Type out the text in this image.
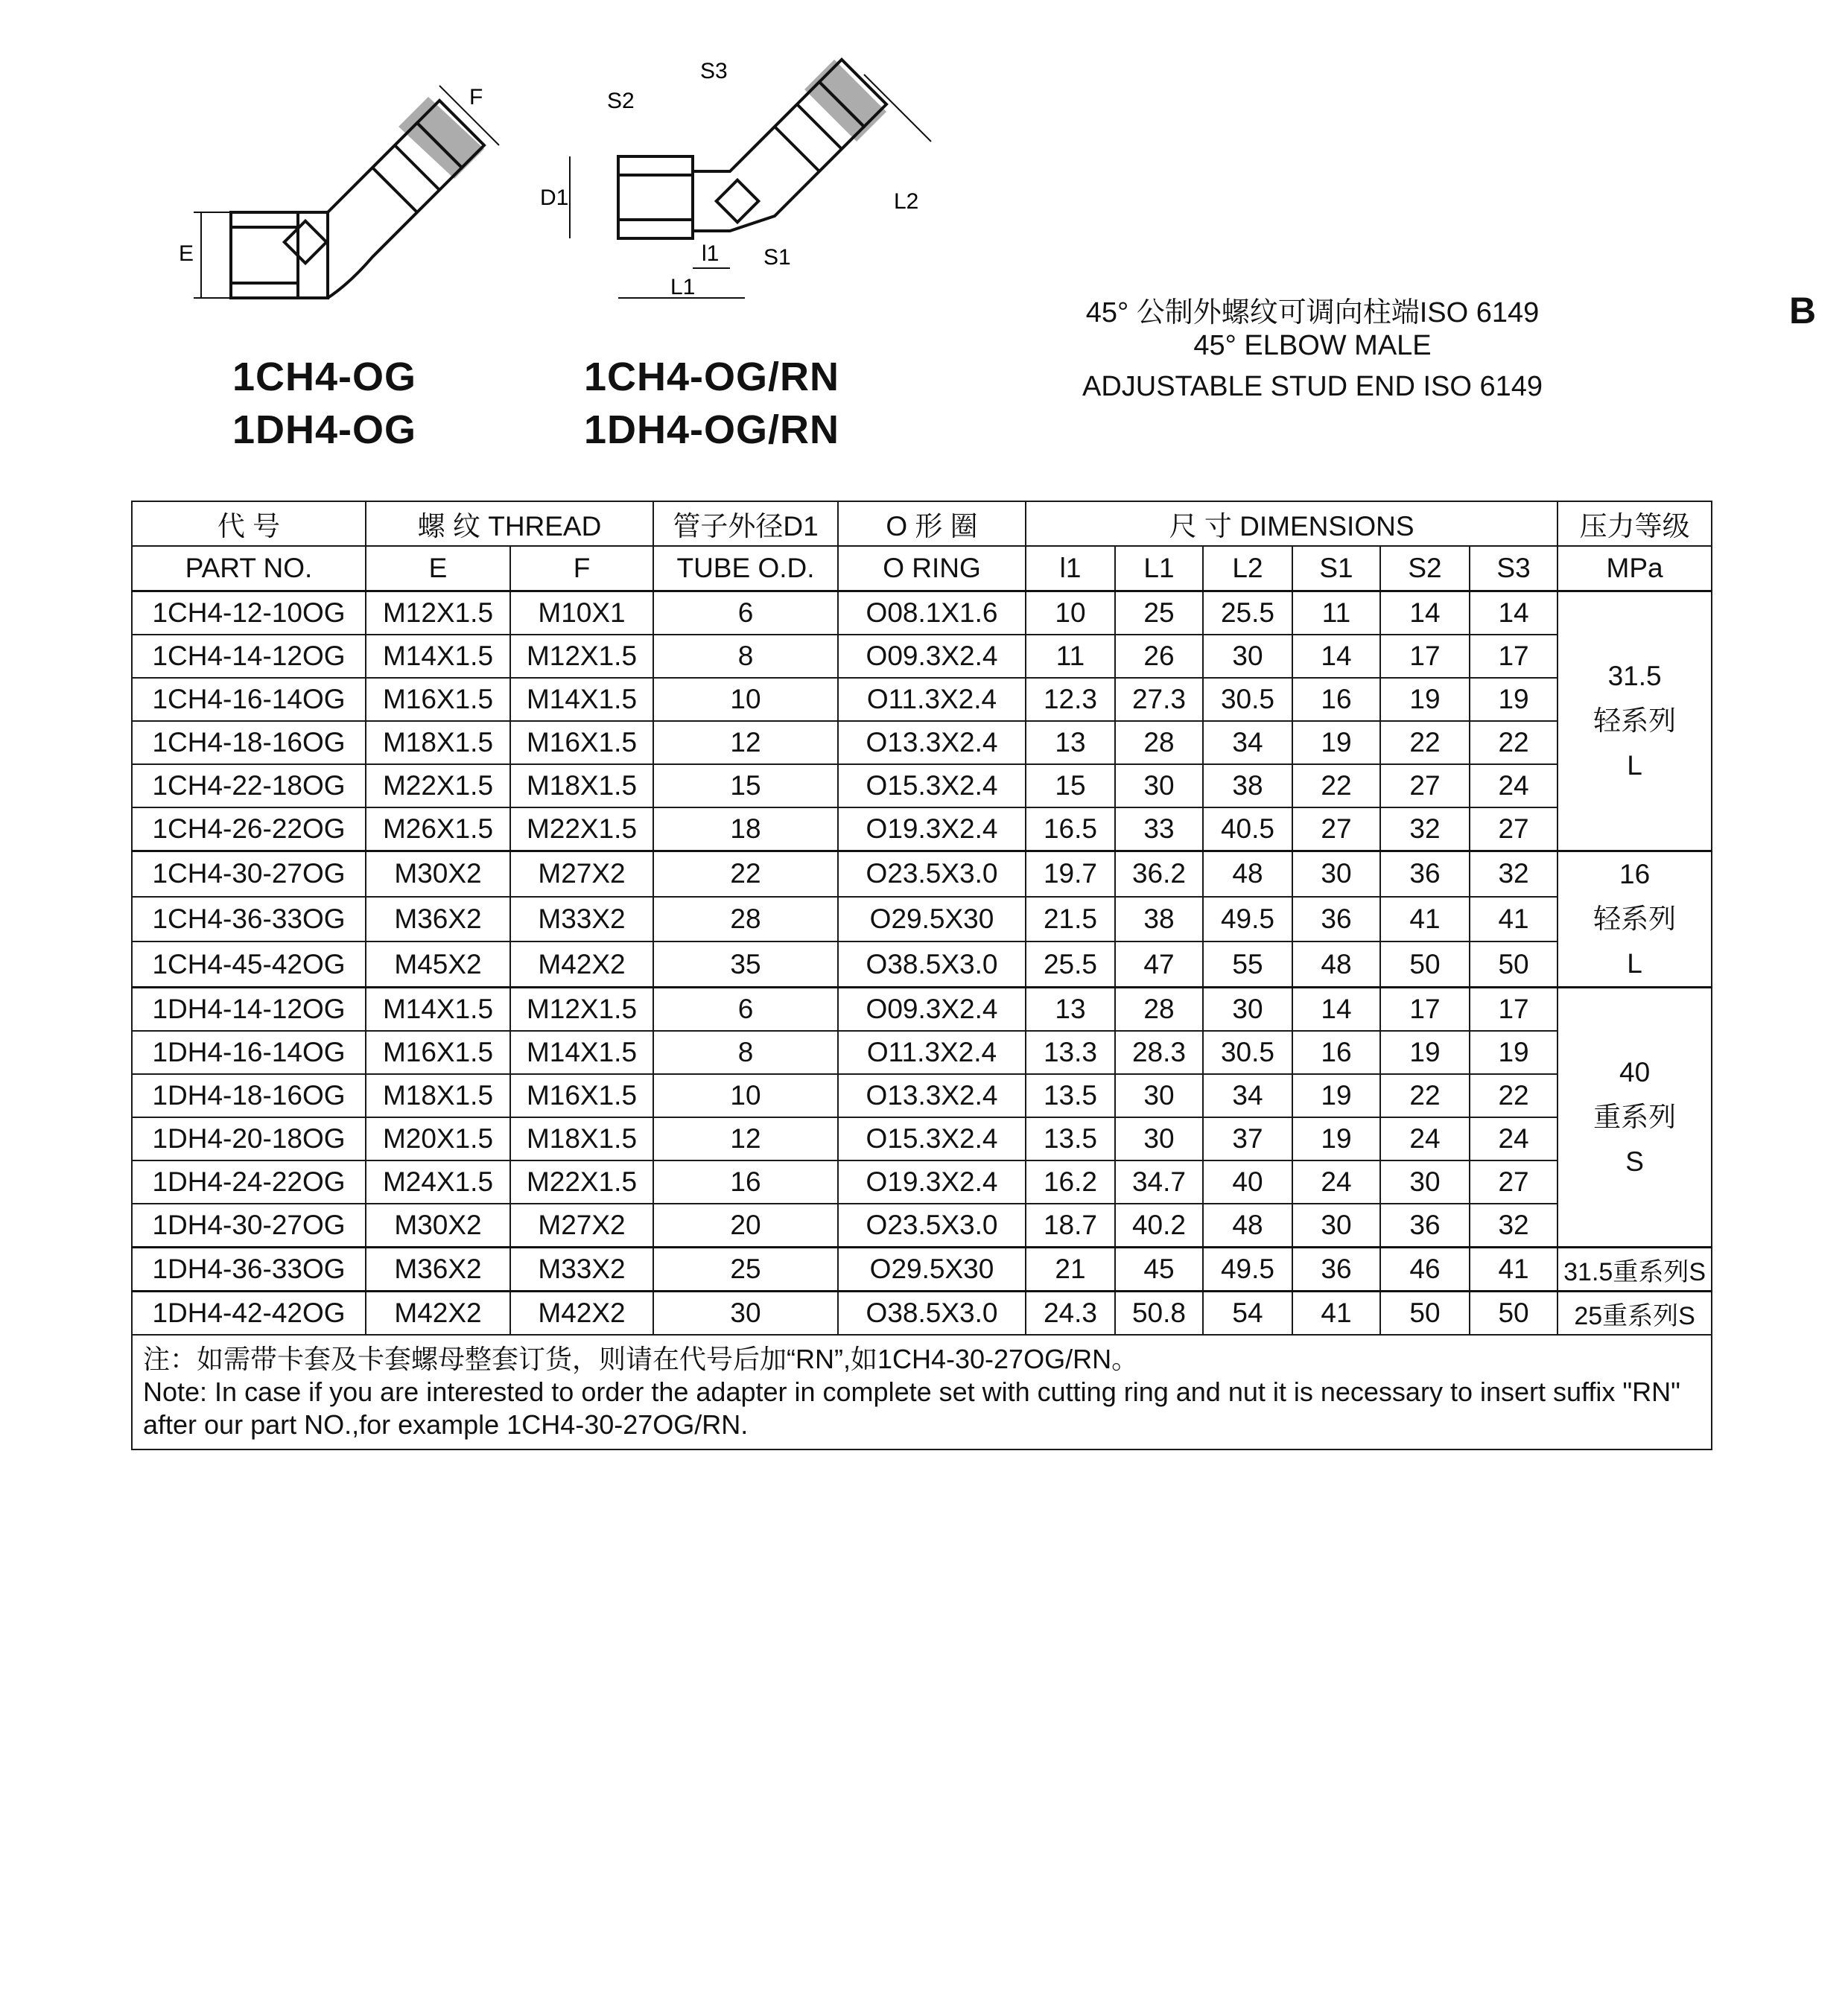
F
E
S3
S2
D1	L2
l1 S1
L1
1CH4-OG
1DH4-OG
1CH4-OG/RN
1DH4-OG/RN
45° 公制外螺纹可调向柱端ISO 6149
45° ELBOW MALE
ADJUSTABLE STUD END ISO 6149
B
代 号	螺 纹 THREAD		管子外径D1	O 形 圈	尺 寸 DIMENSIONS						压力等级
PART NO.	E	F	TUBE O.D.	O RING	l1	L1	L2	S1	S2	S3	MPa
1CH4-12-10OG	M12X1.5	M10X1	6	O08.1X1.6	10	25	25.5	11	14	14	31.5
轻系列
L

1CH4-14-12OG	M14X1.5	M12X1.5	8	O09.3X2.4	11	26	30	14	17	17	
1CH4-16-14OG	M16X1.5	M14X1.5	10	O11.3X2.4	12.3	27.3	30.5	16	19	19	
1CH4-18-16OG	M18X1.5	M16X1.5	12	O13.3X2.4	13	28	34	19	22	22	
1CH4-22-18OG	M22X1.5	M18X1.5	15	O15.3X2.4	15	30	38	22	27	24	
1CH4-26-22OG	M26X1.5	M22X1.5	18	O19.3X2.4	16.5	33	40.5	27	32	27	
1CH4-30-27OG	M30X2	M27X2	22	O23.5X3.0	19.7	36.2	48	30	36	32	16
轻系列
L

1CH4-36-33OG	M36X2	M33X2	28	O29.5X30	21.5	38	49.5	36	41	41	
1CH4-45-42OG	M45X2	M42X2	35	O38.5X3.0	25.5	47	55	48	50	50	
1DH4-14-12OG	M14X1.5	M12X1.5	6	O09.3X2.4	13	28	30	14	17	17	40
重系列
S

1DH4-16-14OG	M16X1.5	M14X1.5	8	O11.3X2.4	13.3	28.3	30.5	16	19	19	
1DH4-18-16OG	M18X1.5	M16X1.5	10	O13.3X2.4	13.5	30	34	19	22	22	
1DH4-20-18OG	M20X1.5	M18X1.5	12	O15.3X2.4	13.5	30	37	19	24	24	
1DH4-24-22OG	M24X1.5	M22X1.5	16	O19.3X2.4	16.2	34.7	40	24	30	27	
1DH4-30-27OG	M30X2	M27X2	20	O23.5X3.0	18.7	40.2	48	30	36	32	
1DH4-36-33OG	M36X2	M33X2	25	O29.5X30	21	45	49.5	36	46	41	31.5重系列S
1DH4-42-42OG	M42X2	M42X2	30	O38.5X3.0	24.3	50.8	54	41	50	50	25重系列S

注：如需带卡套及卡套螺母整套订货，则请在代号后加“RN”,如1CH4-30-27OG/RN。
Note: In case if you are interested to order the adapter in complete set with cutting ring and nut it is necessary to insert suffix "RN" after our part NO.,for example 1CH4-30-27OG/RN.											
